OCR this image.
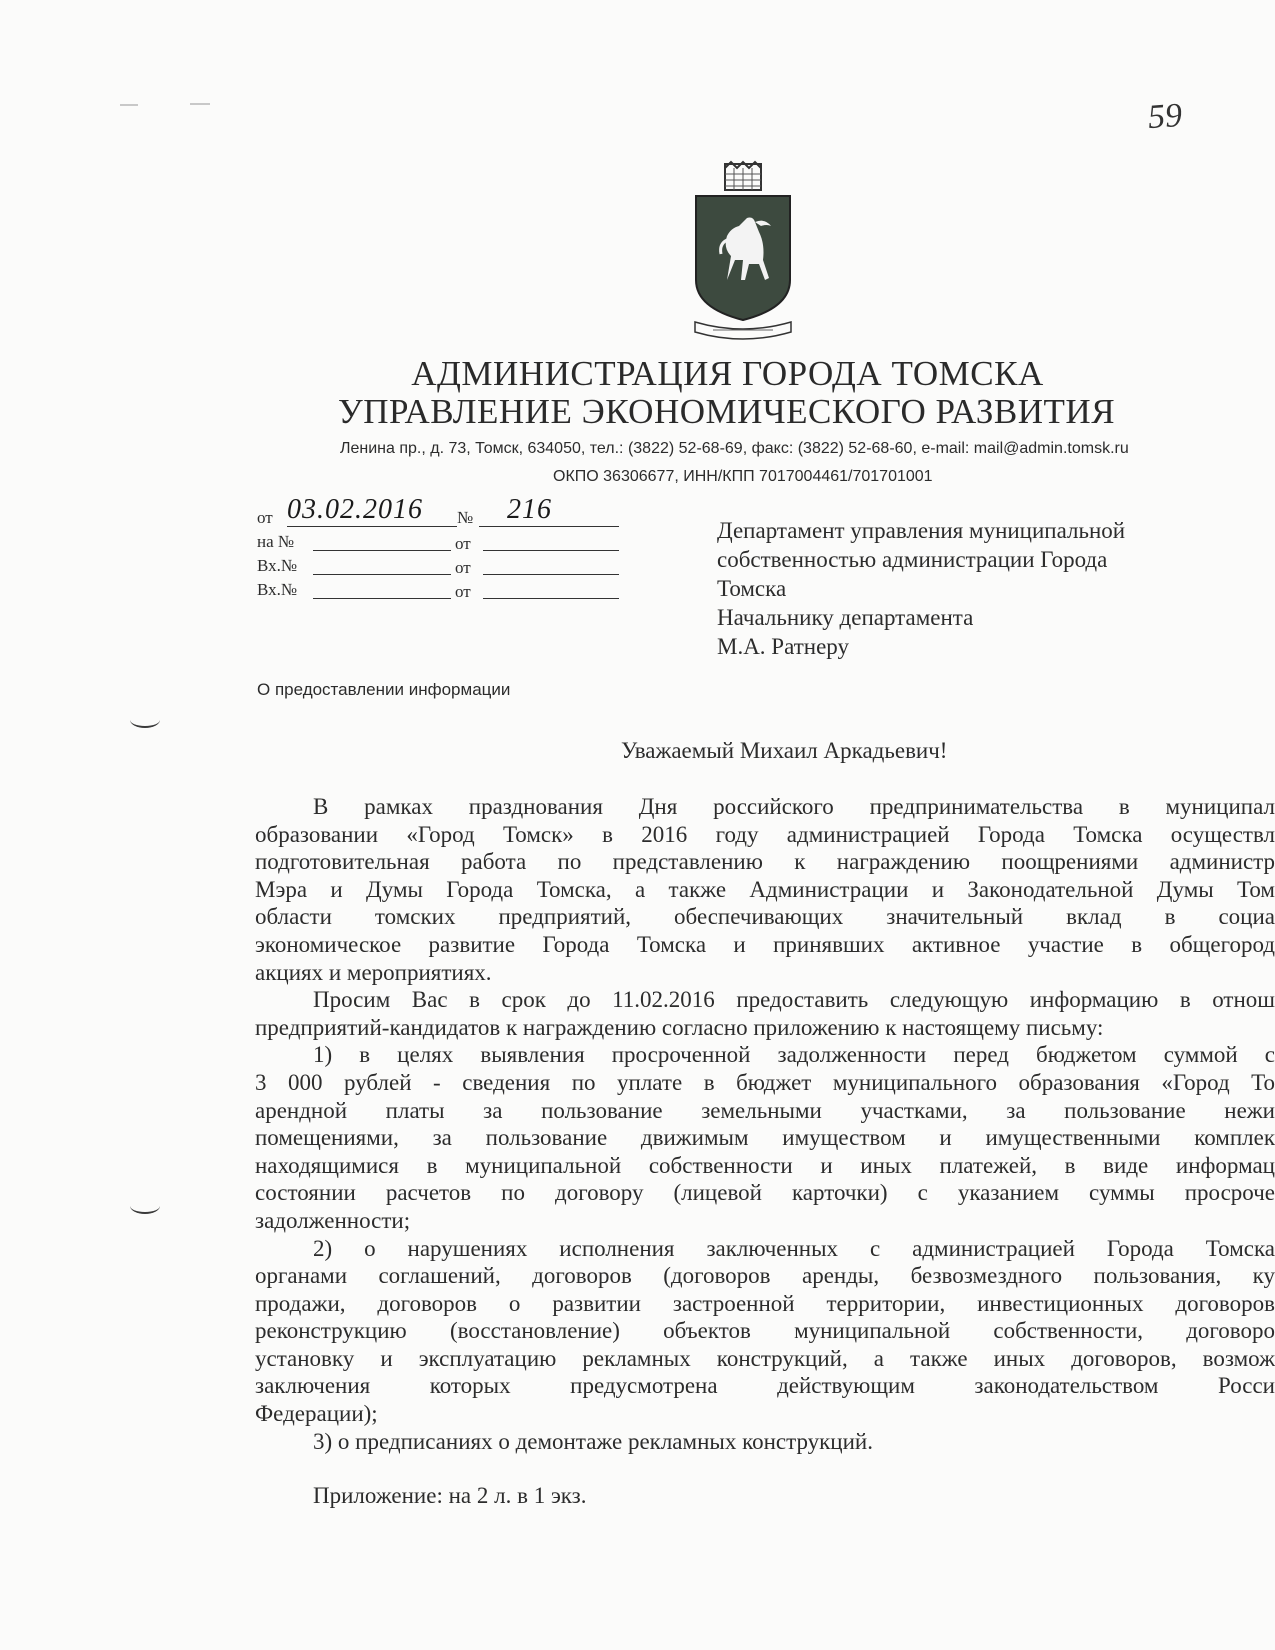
59
АДМИНИСТРАЦИЯ ГОРОДА ТОМСКА
УПРАВЛЕНИЕ ЭКОНОМИЧЕСКОГО РАЗВИТИЯ
Ленина пр., д. 73, Томск, 634050, тел.: (3822) 52-68-69, факс: (3822) 52-68-60, e-mail: mail@admin.tomsk.ru
ОКПО 36306677, ИНН/КПП 7017004461/701701001
от 03.02.2016 № 216
на №	от
Вх.№	от
Вх.№	от
Департамент управления муниципальной
собственностью администрации Города
Томска
Начальнику департамента
М.А. Ратнеру
О предоставлении информации
Уважаемый Михаил Аркадьевич!
В рамках празднования Дня российского предпринимательства в муниципал
образовании «Город Томск» в 2016 году администрацией Города Томска осуществл
подготовительная работа по представлению к награждению поощрениями администр
Мэра и Думы Города Томска, а также Администрации и Законодательной Думы Том
области томских предприятий, обеспечивающих значительный вклад в социа
экономическое развитие Города Томска и принявших активное участие в общегород
акциях и мероприятиях.
Просим Вас в срок до 11.02.2016 предоставить следующую информацию в отнош
предприятий-кандидатов к награждению согласно приложению к настоящему письму:
1) в целях выявления просроченной задолженности перед бюджетом суммой с
3 000 рублей - сведения по уплате в бюджет муниципального образования «Город То
арендной платы за пользование земельными участками, за пользование нежи
помещениями, за пользование движимым имуществом и имущественными комплек
находящимися в муниципальной собственности и иных платежей, в виде информац
состоянии расчетов по договору (лицевой карточки) с указанием суммы просроче
задолженности;
2) о нарушениях исполнения заключенных с администрацией Города Томска
органами соглашений, договоров (договоров аренды, безвозмездного пользования, ку
продажи, договоров о развитии застроенной территории, инвестиционных договоров
реконструкцию (восстановление) объектов муниципальной собственности, договоро
установку и эксплуатацию рекламных конструкций, а также иных договоров, возмож
заключения которых предусмотрена действующим законодательством Росси
Федерации);
3) о предписаниях о демонтаже рекламных конструкций.
Приложение: на 2 л. в 1 экз.
